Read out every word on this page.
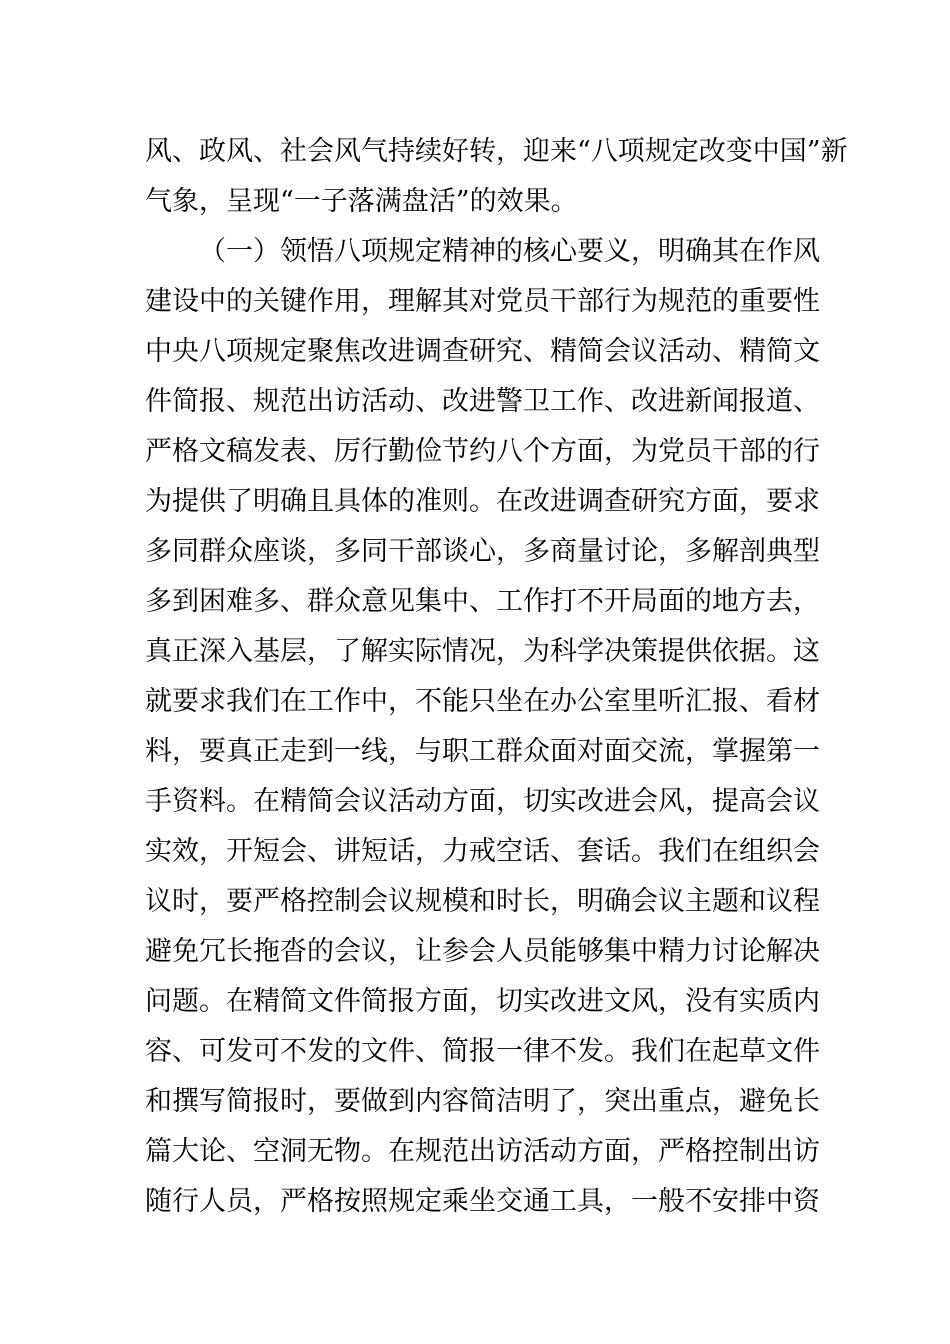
风、政风、社会风气持续好转，迎来“八项规定改变中国”新
气象，呈现“一子落满盘活”的效果。
（一）领悟八项规定精神的核心要义，明确其在作风
建设中的关键作用，理解其对党员干部行为规范的重要性
中央八项规定聚焦改进调查研究、精简会议活动、精简文
件简报、规范出访活动、改进警卫工作、改进新闻报道、
严格文稿发表、厉行勤俭节约八个方面，为党员干部的行
为提供了明确且具体的准则。在改进调查研究方面，要求
多同群众座谈，多同干部谈心，多商量讨论，多解剖典型
多到困难多、群众意见集中、工作打不开局面的地方去，
真正深入基层，了解实际情况，为科学决策提供依据。这
就要求我们在工作中，不能只坐在办公室里听汇报、看材
料，要真正走到一线，与职工群众面对面交流，掌握第一
手资料。在精简会议活动方面，切实改进会风，提高会议
实效，开短会、讲短话，力戒空话、套话。我们在组织会
议时，要严格控制会议规模和时长，明确会议主题和议程
避免冗长拖沓的会议，让参会人员能够集中精力讨论解决
问题。在精简文件简报方面，切实改进文风，没有实质内
容、可发可不发的文件、简报一律不发。我们在起草文件
和撰写简报时，要做到内容简洁明了，突出重点，避免长
篇大论、空洞无物。在规范出访活动方面，严格控制出访
随行人员，严格按照规定乘坐交通工具，一般不安排中资
